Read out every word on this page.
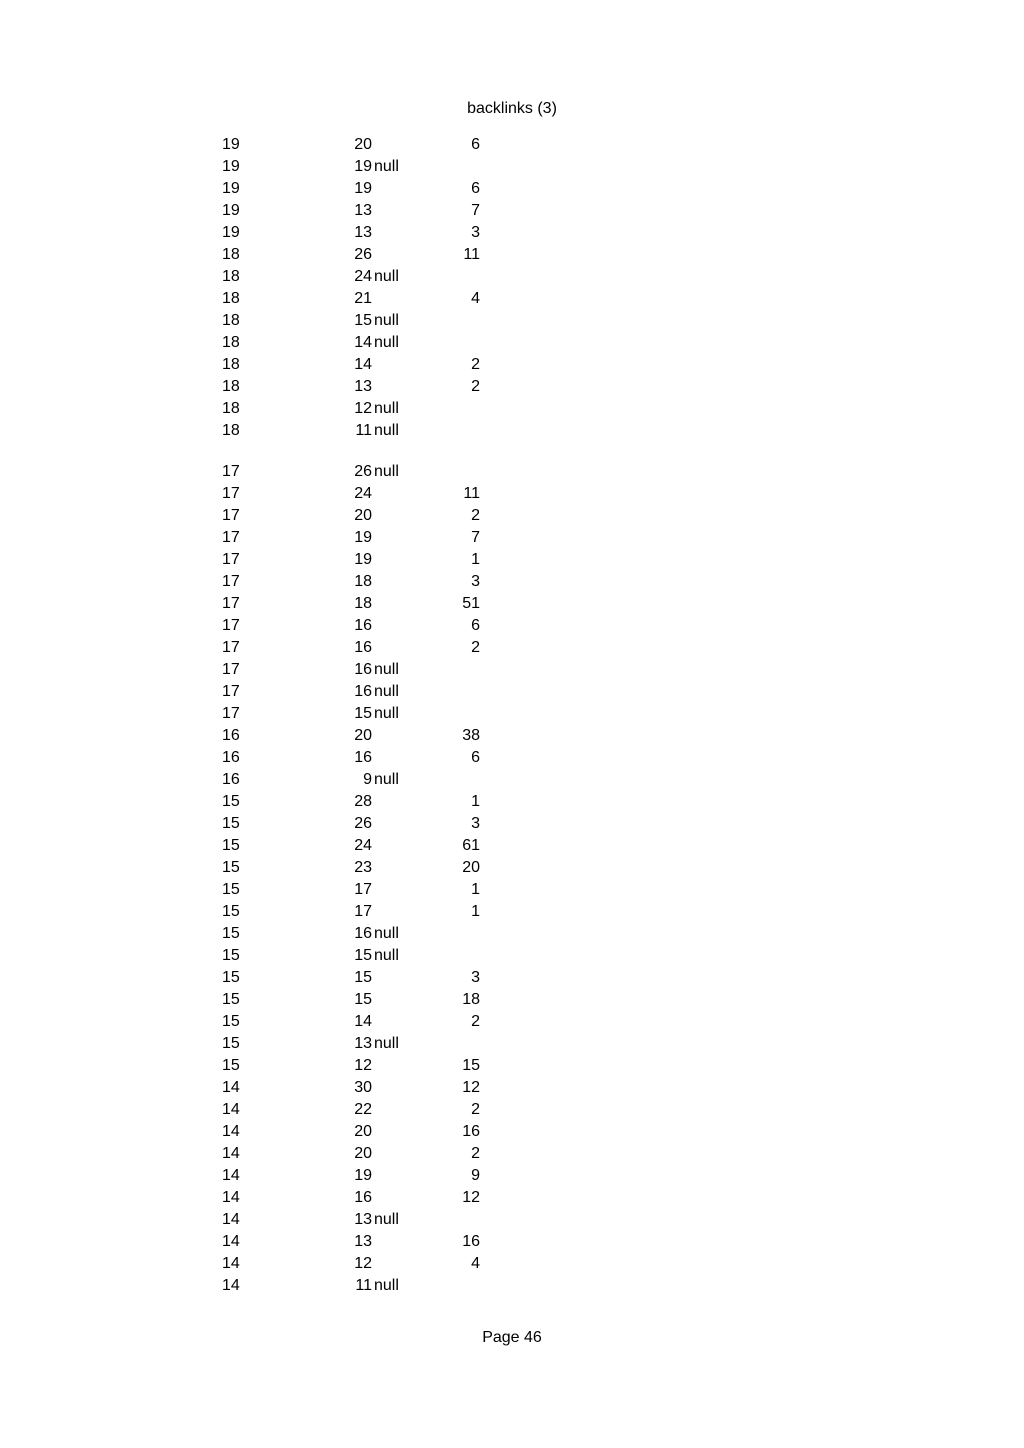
backlinks (3)
19	20	6
19	19 null
19	19	6
19	13	7
19	13	3
18	26	11
18	24 null
18	21	4
18	15 null
18	14 null
18	14	2
18	13	2
18	12 null
18	11 null
17	26 null
17	24	11
17	20	2
17	19	7
17	19	1
17	18	3
17	18	51
17	16	6
17	16	2
17	16 null
17	16 null
17	15 null
16	20	38
16	16	6
16	9 null
15	28	1
15	26	3
15	24	61
15	23	20
15	17	1
15	17	1
15	16 null
15	15 null
15	15	3
15	15	18
15	14	2
15	13 null
15	12	15
14	30	12
14	22	2
14	20	16
14	20	2
14	19	9
14	16	12
14	13 null
14	13	16
14	12	4
14	11 null
Page 46
